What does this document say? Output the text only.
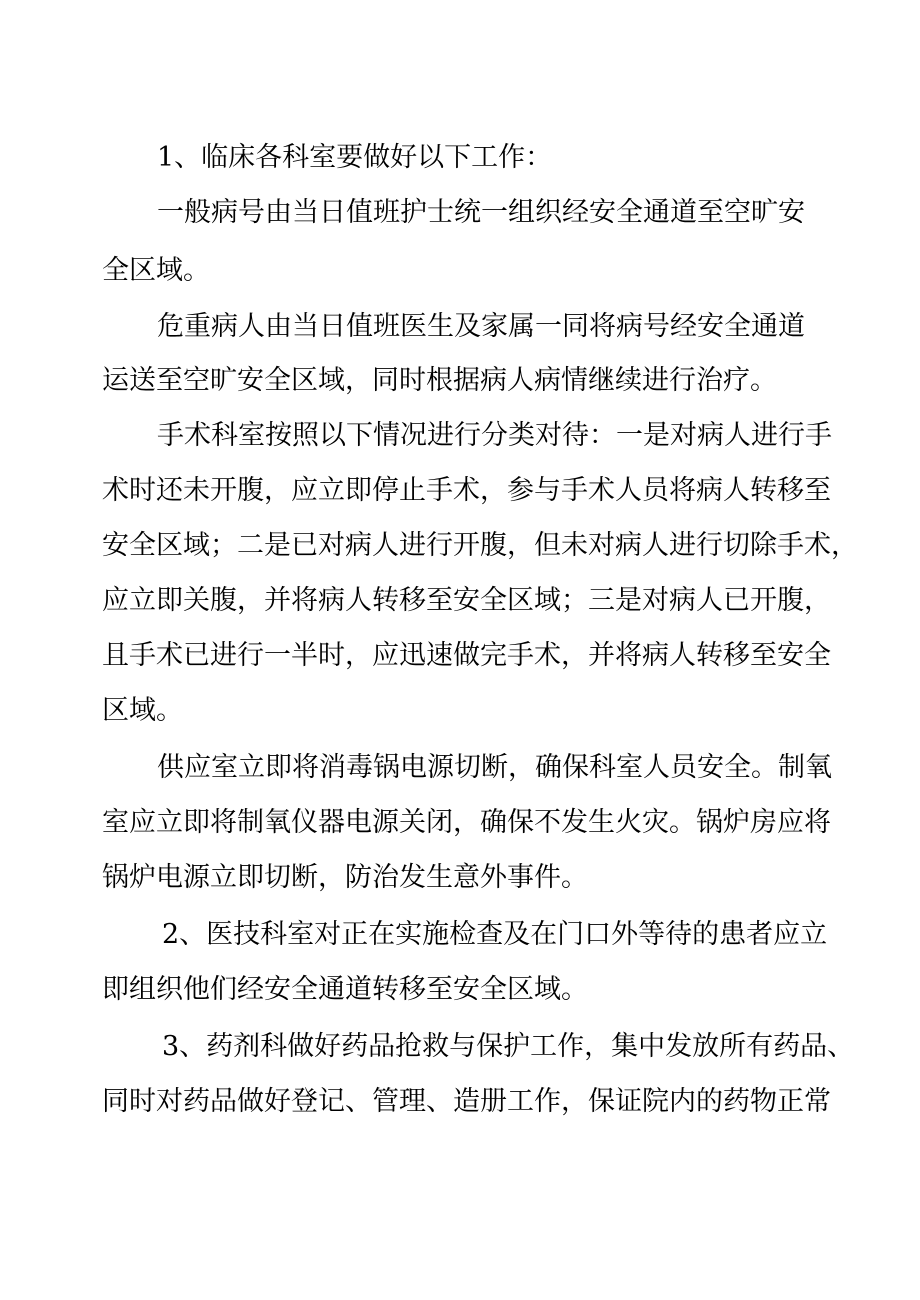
1、临床各科室要做好以下工作：

一般病号由当日值班护士统一组织经安全通道至空旷安

全区域。

危重病人由当日值班医生及家属一同将病号经安全通道

运送至空旷安全区域，同时根据病人病情继续进行治疗。

手术科室按照以下情况进行分类对待：一是对病人进行手

术时还未开腹，应立即停止手术，参与手术人员将病人转移至

安全区域；二是已对病人进行开腹，但未对病人进行切除手术，

应立即关腹，并将病人转移至安全区域；三是对病人已开腹，

且手术已进行一半时，应迅速做完手术，并将病人转移至安全

区域。

供应室立即将消毒锅电源切断，确保科室人员安全。制氧

室应立即将制氧仪器电源关闭，确保不发生火灾。锅炉房应将

锅炉电源立即切断，防治发生意外事件。

2、医技科室对正在实施检查及在门口外等待的患者应立

即组织他们经安全通道转移至安全区域。

3、药剂科做好药品抢救与保护工作，集中发放所有药品、

同时对药品做好登记、管理、造册工作，保证院内的药物正常
